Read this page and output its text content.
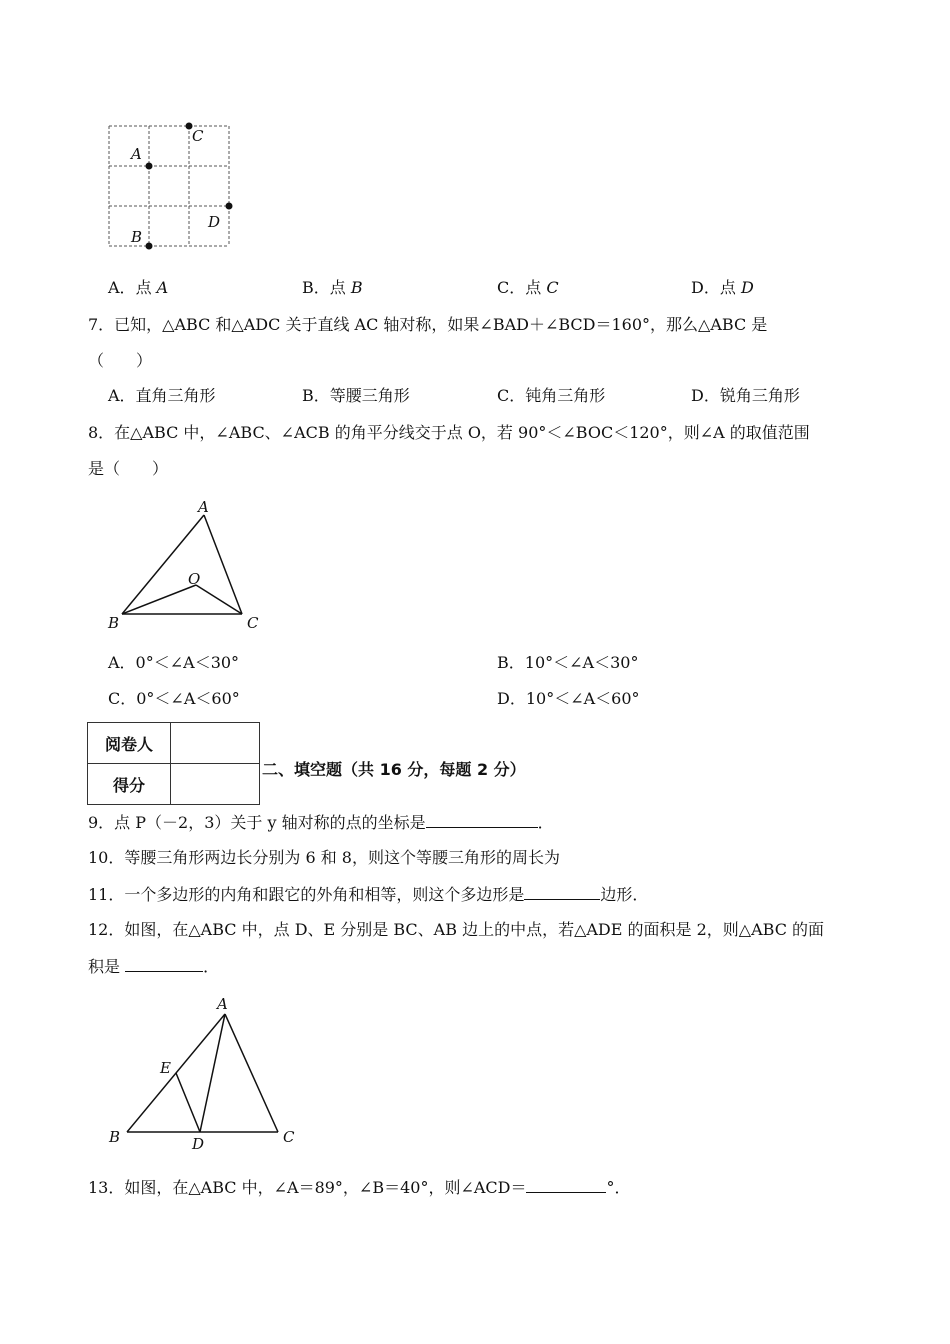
C
A
D
B
A．点 A	B．点 B	C．点 C	D．点 D
7．已知，△ABC 和△ADC 关于直线 AC 轴对称，如果∠BAD＋∠BCD＝160°，那么△ABC 是
（　　）
A．直角三角形	B．等腰三角形	C．钝角三角形	D．锐角三角形
8．在△ABC 中，∠ABC、∠ACB 的角平分线交于点 O，若 90°＜∠BOC＜120°，则∠A 的取值范围
是（　　）
A
O
B	C
A．0°＜∠A＜30°	B．10°＜∠A＜30°
C．0°＜∠A＜60°	D．10°＜∠A＜60°
阅卷人	
得分	
二、填空题（共 16 分，每题 2 分）
9．点 P（－2，3）关于 y 轴对称的点的坐标是	．
10．等腰三角形两边长分别为 6 和 8，则这个等腰三角形的周长为
11．一个多边形的内角和跟它的外角和相等，则这个多边形是	边形．
12．如图，在△ABC 中，点 D、E 分别是 BC、AB 边上的中点，若△ADE 的面积是 2，则△ABC 的面
积是	．
A
E
B	D	C
13．如图，在△ABC 中，∠A＝89°，∠B＝40°，则∠ACD＝	°．
